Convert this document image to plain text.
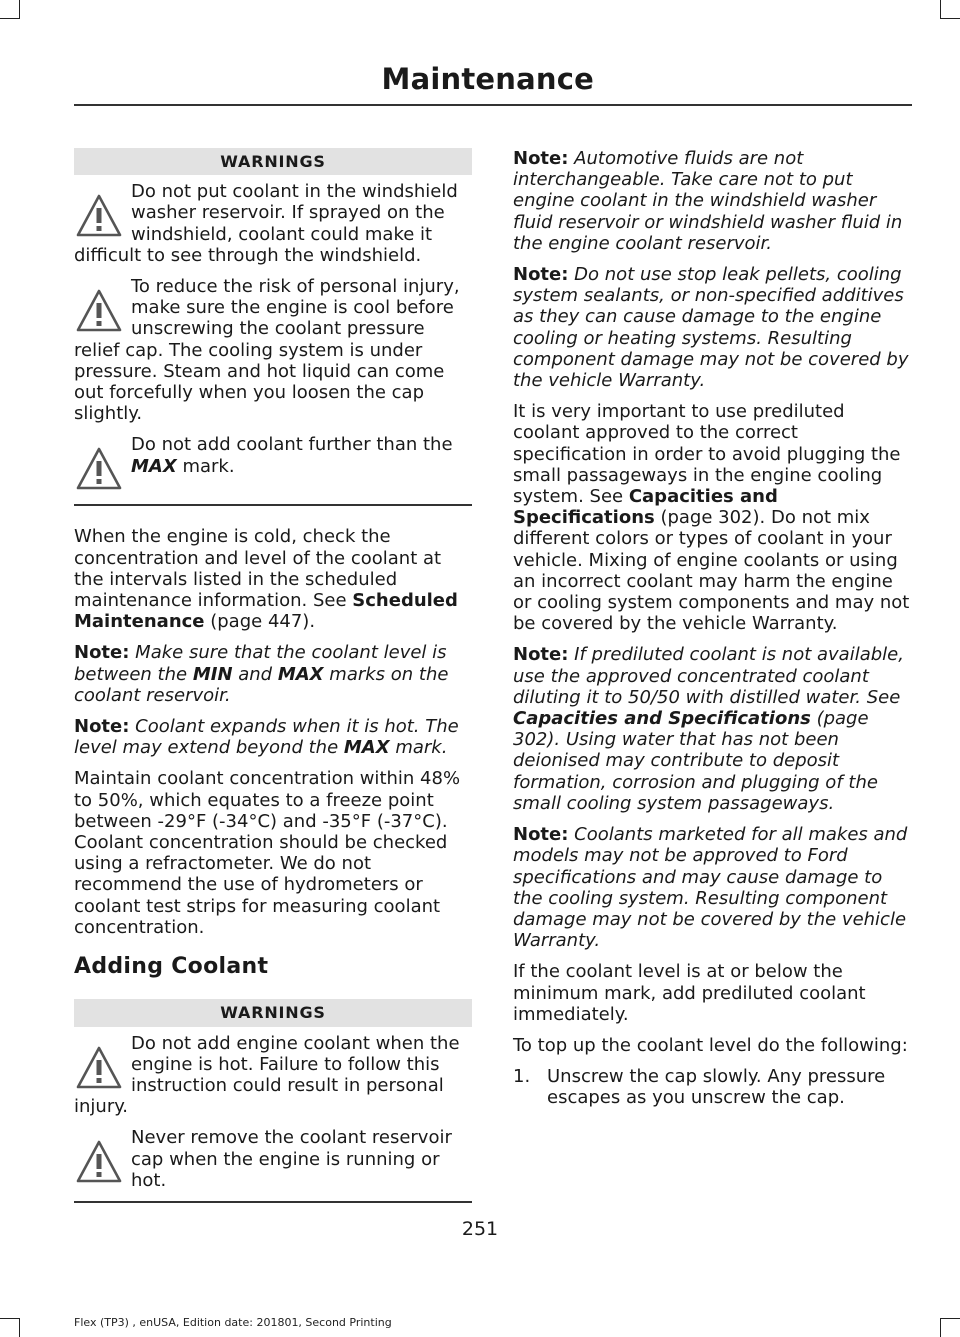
Maintenance
WARNINGS
Do not put coolant in the windshield washer reservoir. If sprayed on the windshield, coolant could make it difficult to see through the windshield.
To reduce the risk of personal injury, make sure the engine is cool before unscrewing the coolant pressure relief cap. The cooling system is under pressure. Steam and hot liquid can come out forcefully when you loosen the cap slightly.
Do not add coolant further than the MAX mark.

When the engine is cold, check the concentration and level of the coolant at the intervals listed in the scheduled maintenance information. See Scheduled Maintenance (page 447).

Note: Make sure that the coolant level is between the MIN and MAX marks on the coolant reservoir.

Note: Coolant expands when it is hot. The level may extend beyond the MAX mark.

Maintain coolant concentration within 48% to 50%, which equates to a freeze point between -29°F (-34°C) and -35°F (-37°C). Coolant concentration should be checked using a refractometer. We do not recommend the use of hydrometers or coolant test strips for measuring coolant concentration.

Adding Coolant
WARNINGS
Do not add engine coolant when the engine is hot. Failure to follow this instruction could result in personal injury.
Never remove the coolant reservoir cap when the engine is running or hot.

Note: Automotive fluids are not interchangeable. Take care not to put engine coolant in the windshield washer fluid reservoir or windshield washer fluid in the engine coolant reservoir.

Note: Do not use stop leak pellets, cooling system sealants, or non-specified additives as they can cause damage to the engine cooling or heating systems. Resulting component damage may not be covered by the vehicle Warranty.

It is very important to use prediluted coolant approved to the correct specification in order to avoid plugging the small passageways in the engine cooling system. See Capacities and Specifications (page 302). Do not mix different colors or types of coolant in your vehicle. Mixing of engine coolants or using an incorrect coolant may harm the engine or cooling system components and may not be covered by the vehicle Warranty.

Note: If prediluted coolant is not available, use the approved concentrated coolant diluting it to 50/50 with distilled water. See Capacities and Specifications (page 302). Using water that has not been deionised may contribute to deposit formation, corrosion and plugging of the small cooling system passageways.

Note: Coolants marketed for all makes and models may not be approved to Ford specifications and may cause damage to the cooling system. Resulting component damage may not be covered by the vehicle Warranty.

If the coolant level is at or below the minimum mark, add prediluted coolant immediately.

To top up the coolant level do the following:

1. Unscrew the cap slowly. Any pressure escapes as you unscrew the cap.
251
Flex (TP3) , enUSA, Edition date: 201801, Second Printing
